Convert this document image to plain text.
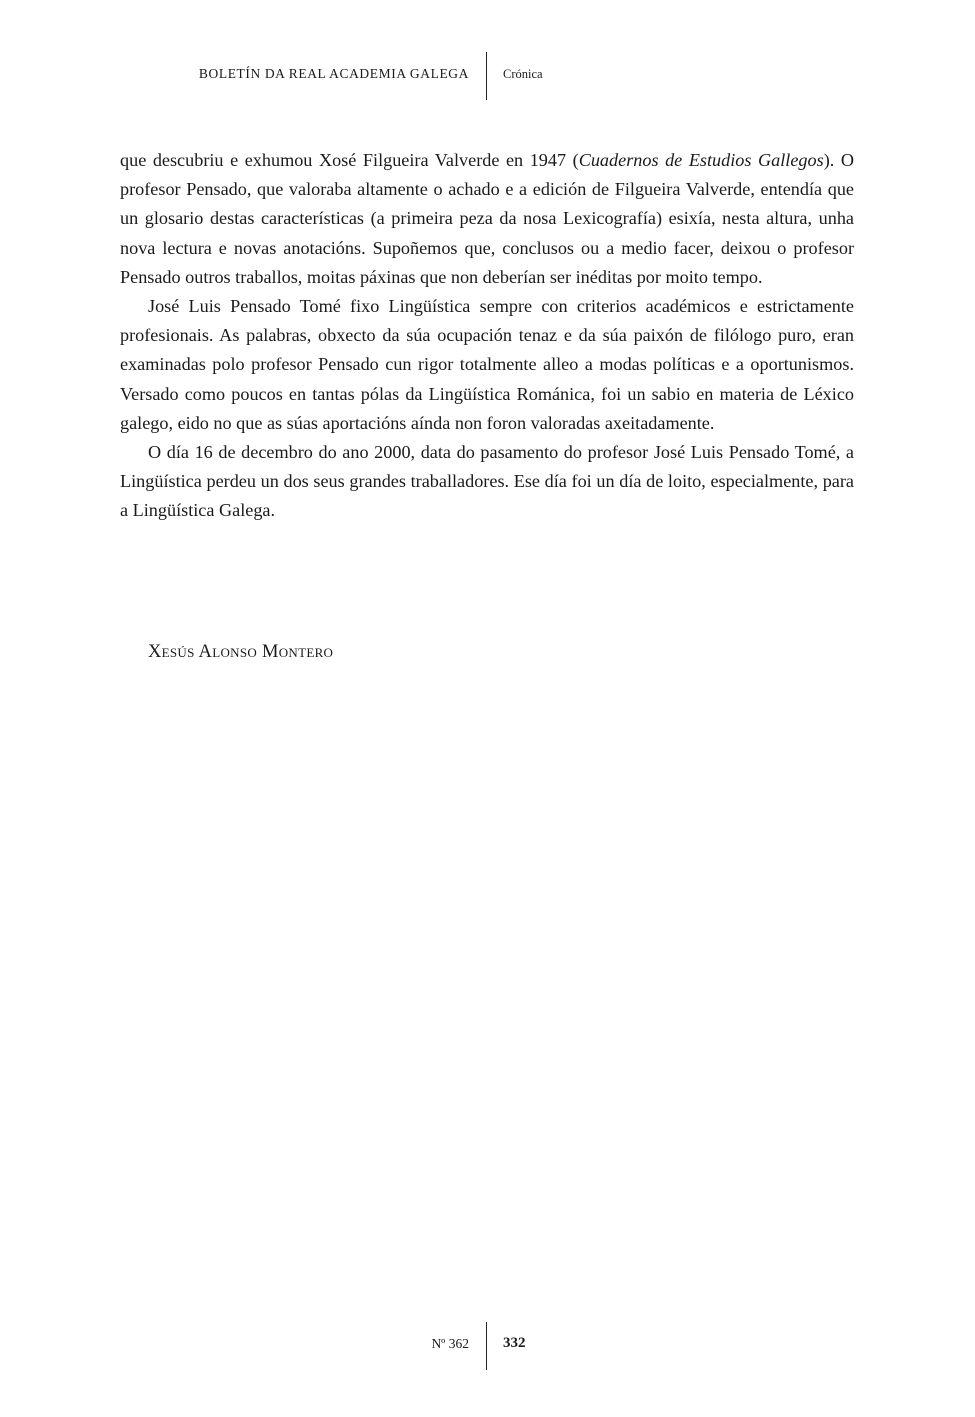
BOLETÍN DA REAL ACADEMIA GALEGA	Crónica

que descubriu e exhumou Xosé Filgueira Valverde en 1947 (Cuadernos de Estudios Gallegos). O profesor Pensado, que valoraba altamente o achado e a edición de Filgueira Valverde, entendía que un glosario destas características (a primeira peza da nosa Lexicografía) esixía, nesta altura, unha nova lectura e novas anotacións. Supoñemos que, conclusos ou a medio facer, deixou o profesor Pensado outros traballos, moitas páxinas que non deberían ser inéditas por moito tempo.

José Luis Pensado Tomé fixo Lingüística sempre con criterios académicos e estrictamente profesionais. As palabras, obxecto da súa ocupación tenaz e da súa paixón de filólogo puro, eran examinadas polo profesor Pensado cun rigor totalmente alleo a modas políticas e a oportunismos. Versado como poucos en tantas pólas da Lingüística Románica, foi un sabio en materia de Léxico galego, eido no que as súas aportacións aínda non foron valoradas axeitadamente.

O día 16 de decembro do ano 2000, data do pasamento do profesor José Luis Pensado Tomé, a Lingüística perdeu un dos seus grandes traballadores. Ese día foi un día de loito, especialmente, para a Lingüística Galega.

Xesús Alonso Montero
Nº 362 332
